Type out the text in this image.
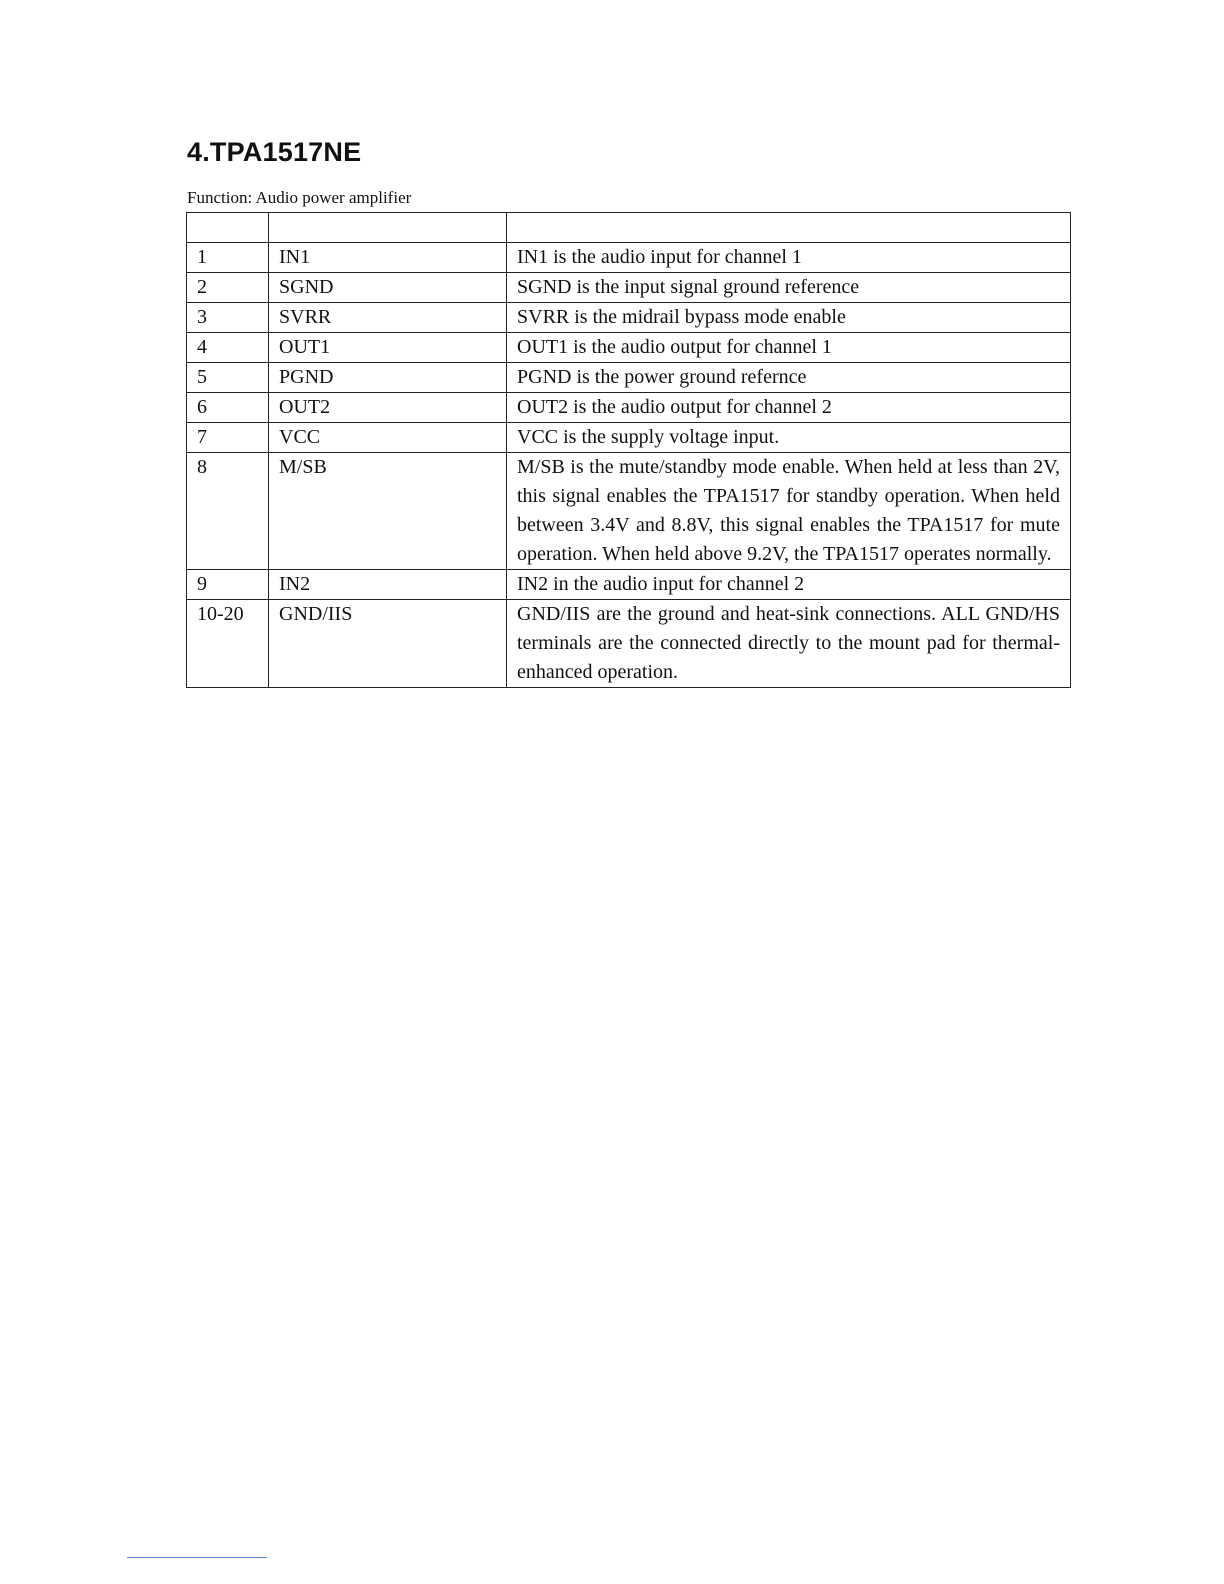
4.TPA1517NE
Function: Audio power amplifier

1	IN1	IN1 is the audio input for channel 1
2	SGND	SGND is the input signal ground reference
3	SVRR	SVRR is the midrail bypass mode enable
4	OUT1	OUT1 is the audio output for channel 1
5	PGND	PGND is the power ground refernce
6	OUT2	OUT2 is the audio output for channel 2
7	VCC	VCC is the supply voltage input.
8	M/SB	M/SB is the mute/standby mode enable. When held at less than 2V, this signal enables the TPA1517 for standby operation. When held between 3.4V and 8.8V, this signal enables the TPA1517 for mute operation. When held above 9.2V, the TPA1517 operates normally.
9	IN2	IN2 in the audio input for channel 2
10-20	GND/IIS	GND/IIS are the ground and heat-sink connections. ALL GND/HS terminals are the connected directly to the mount pad for thermal-enhanced operation.
